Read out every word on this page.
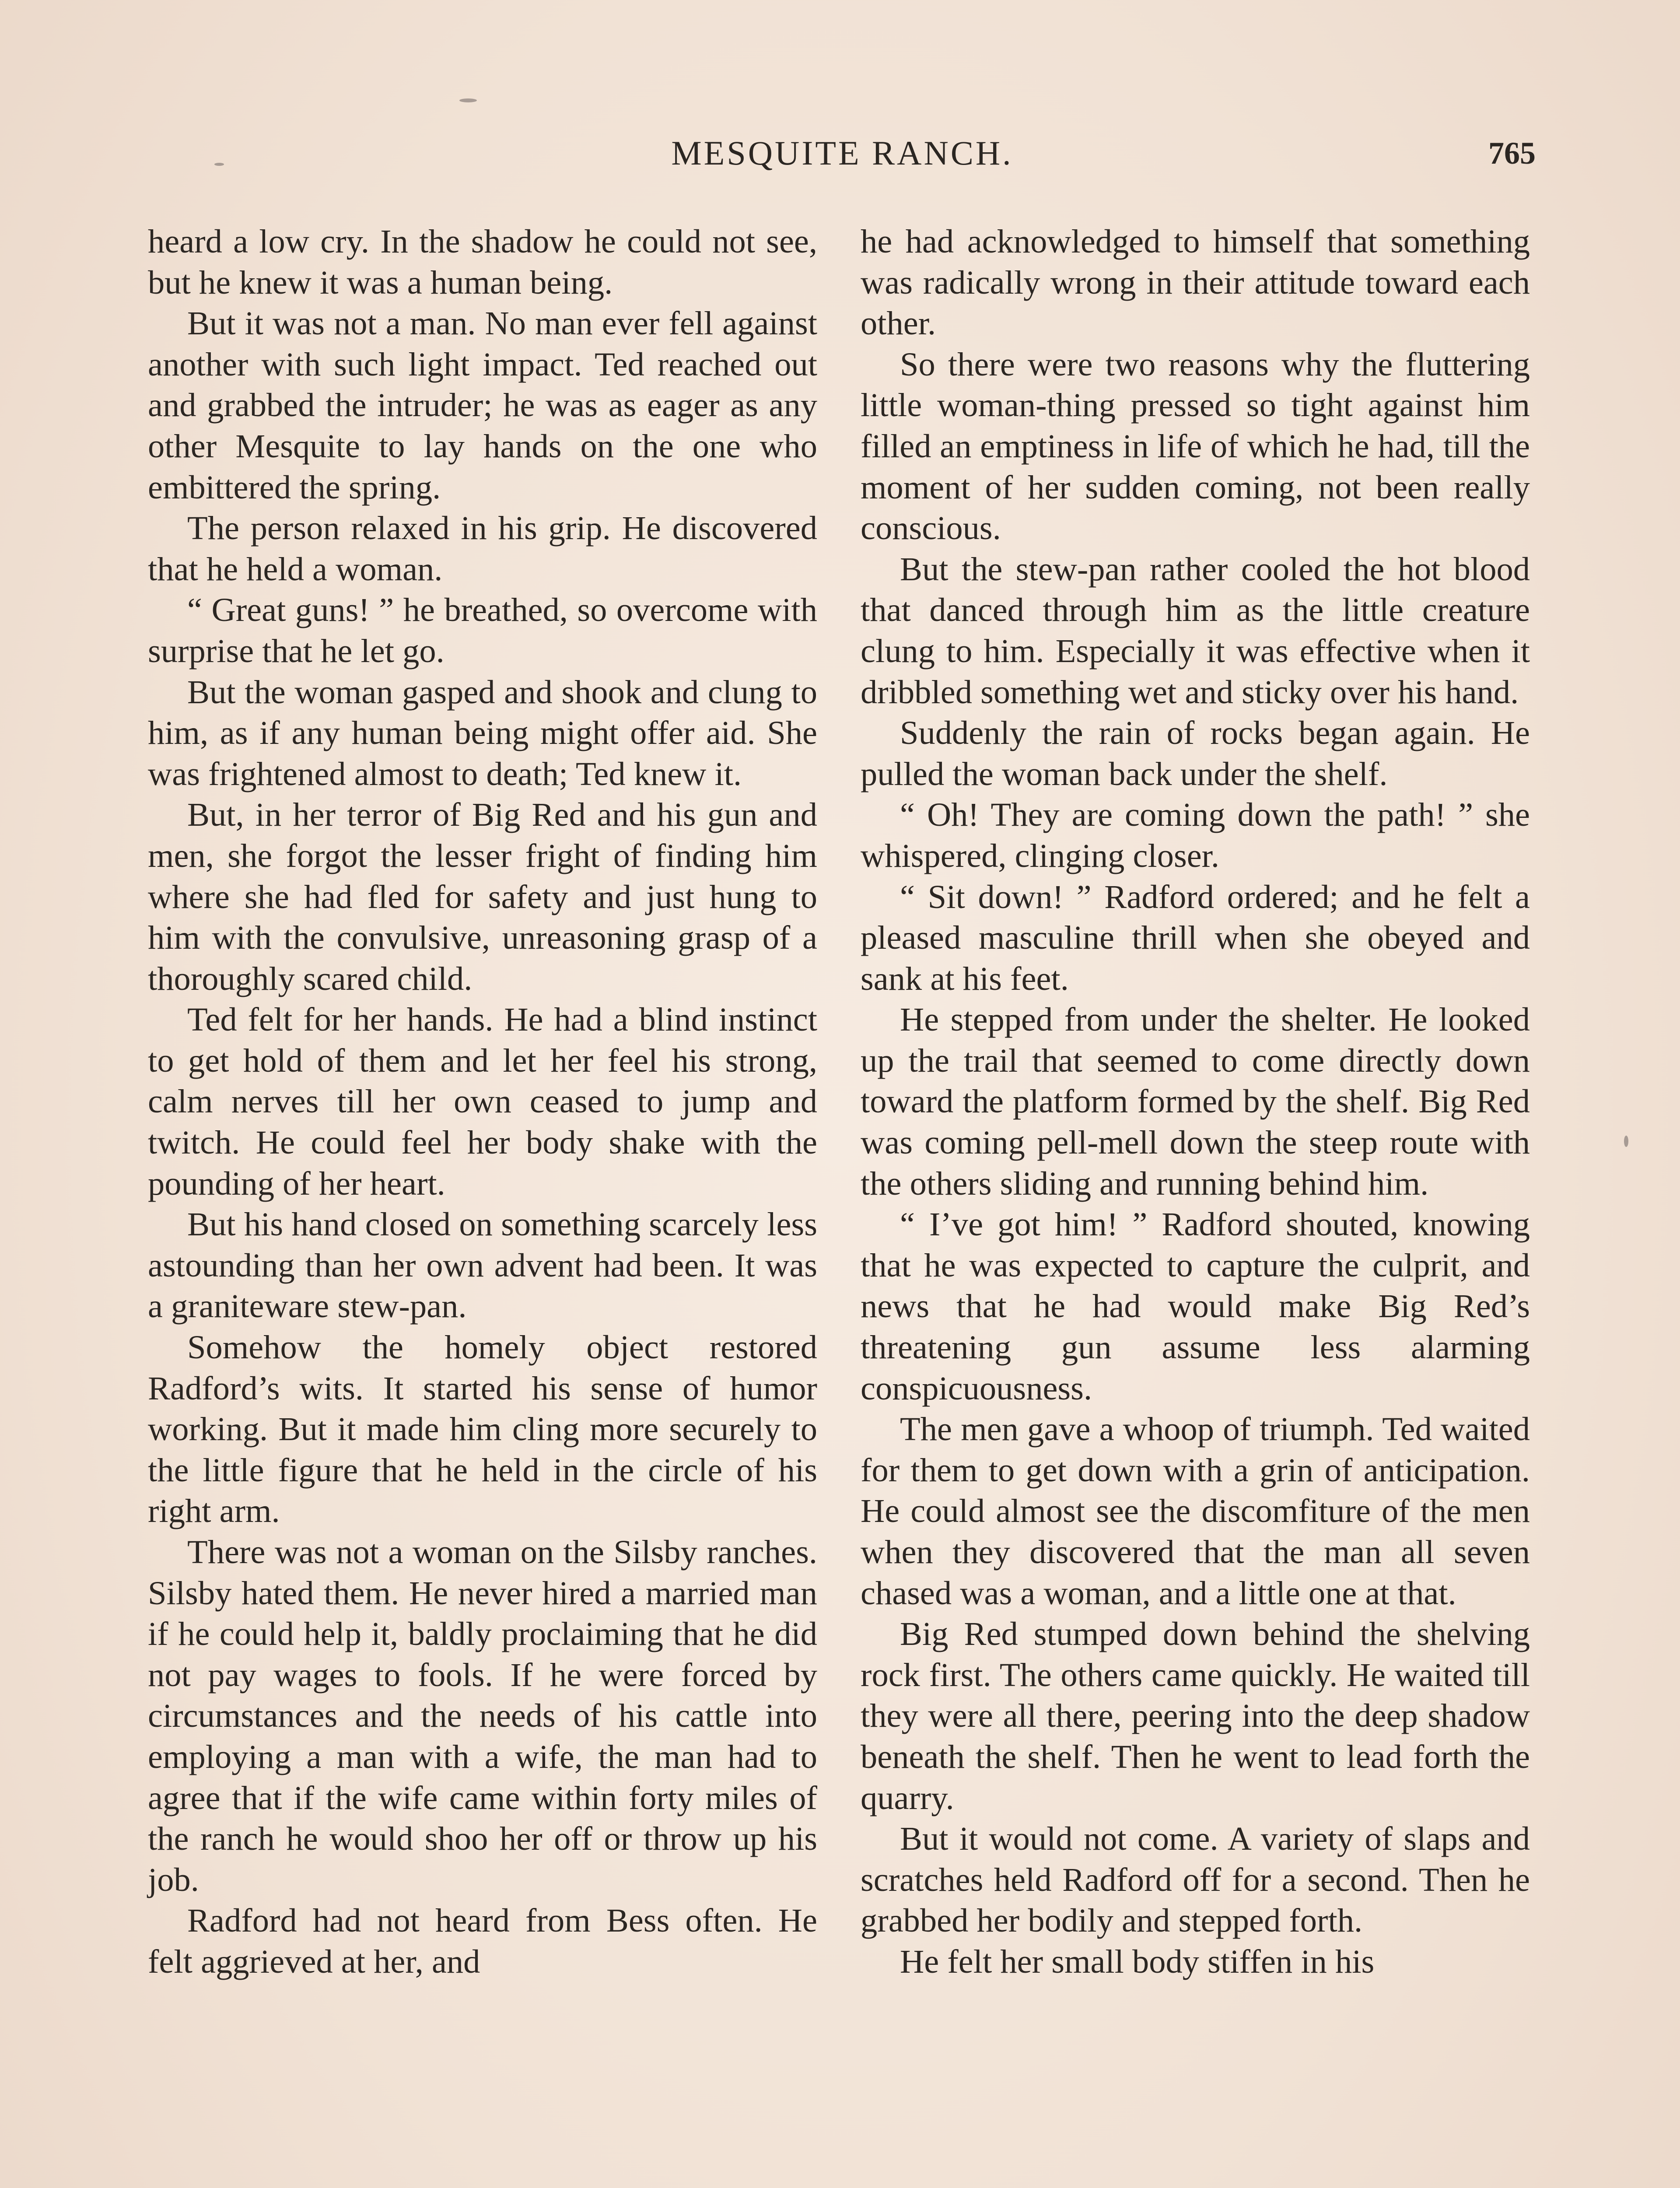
MESQUITE RANCH.	765

heard a low cry. In the shadow he could not see, but he knew it was a human being.

But it was not a man. No man ever fell against another with such light impact. Ted reached out and grabbed the intruder; he was as eager as any other Mesquite to lay hands on the one who embittered the spring.

The person relaxed in his grip. He discovered that he held a woman.

“ Great guns! ” he breathed, so overcome with surprise that he let go.

But the woman gasped and shook and clung to him, as if any human being might offer aid. She was frightened almost to death; Ted knew it.

But, in her terror of Big Red and his gun and men, she forgot the lesser fright of finding him where she had fled for safety and just hung to him with the convulsive, unreasoning grasp of a thoroughly scared child.

Ted felt for her hands. He had a blind instinct to get hold of them and let her feel his strong, calm nerves till her own ceased to jump and twitch. He could feel her body shake with the pounding of her heart.

But his hand closed on something scarcely less astounding than her own advent had been. It was a graniteware stew-pan.

Somehow the homely object restored Radford’s wits. It started his sense of humor working. But it made him cling more securely to the little figure that he held in the circle of his right arm.

There was not a woman on the Silsby ranches. Silsby hated them. He never hired a married man if he could help it, baldly proclaiming that he did not pay wages to fools. If he were forced by circumstances and the needs of his cattle into employing a man with a wife, the man had to agree that if the wife came within forty miles of the ranch he would shoo her off or throw up his job.

Radford had not heard from Bess often. He felt aggrieved at her, and

he had acknowledged to himself that something was radically wrong in their attitude toward each other.

So there were two reasons why the fluttering little woman-thing pressed so tight against him filled an emptiness in life of which he had, till the moment of her sudden coming, not been really conscious.

But the stew-pan rather cooled the hot blood that danced through him as the little creature clung to him. Especially it was effective when it dribbled something wet and sticky over his hand.

Suddenly the rain of rocks began again. He pulled the woman back under the shelf.

“ Oh! They are coming down the path! ” she whispered, clinging closer.

“ Sit down! ” Radford ordered; and he felt a pleased masculine thrill when she obeyed and sank at his feet.

He stepped from under the shelter. He looked up the trail that seemed to come directly down toward the platform formed by the shelf. Big Red was coming pell-mell down the steep route with the others sliding and running behind him.

“ I’ve got him! ” Radford shouted, knowing that he was expected to capture the culprit, and news that he had would make Big Red’s threatening gun assume less alarming conspicuousness.

The men gave a whoop of triumph. Ted waited for them to get down with a grin of anticipation. He could almost see the discomfiture of the men when they discovered that the man all seven chased was a woman, and a little one at that.

Big Red stumped down behind the shelving rock first. The others came quickly. He waited till they were all there, peering into the deep shadow beneath the shelf. Then he went to lead forth the quarry.

But it would not come. A variety of slaps and scratches held Radford off for a second. Then he grabbed her bodily and stepped forth.

He felt her small body stiffen in his
